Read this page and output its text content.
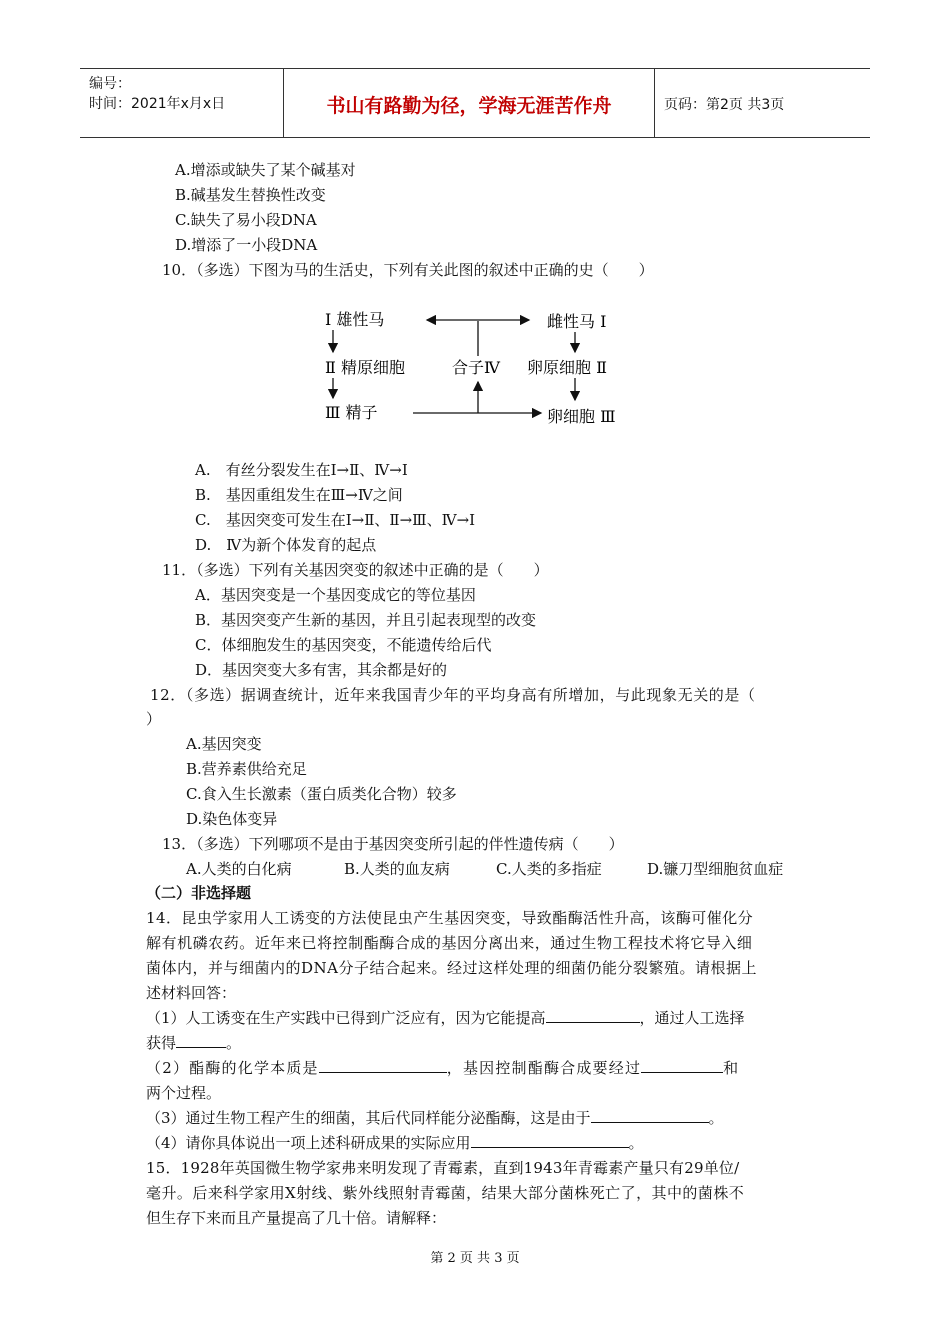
编号：
时间：2021年x月x日	书山有路勤为径，学海无涯苦作舟	页码：第2页 共3页
A.增添或缺失了某个碱基对
B.碱基发生替换性改变
C.缺失了易小段DNA
D.增添了一小段DNA
10．（多选）下图为马的生活史，下列有关此图的叙述中正确的史（　　）
Ⅰ 雄性马	雌性马 Ⅰ
Ⅱ 精原细胞	合子Ⅳ 卵原细胞 Ⅱ
Ⅲ 精子	卵细胞 Ⅲ
A.　有丝分裂发生在Ⅰ→Ⅱ、Ⅳ→Ⅰ
B.　基因重组发生在Ⅲ→Ⅳ之间
C.　基因突变可发生在Ⅰ→Ⅱ、Ⅱ→Ⅲ、Ⅳ→Ⅰ
D.　Ⅳ为新个体发育的起点
11．（多选）下列有关基因突变的叙述中正确的是（　　）
A．基因突变是一个基因变成它的等位基因
B．基因突变产生新的基因，并且引起表现型的改变
C．体细胞发生的基因突变，不能遗传给后代
D．基因突变大多有害，其余都是好的
12．（多选）据调查统计，近年来我国青少年的平均身高有所增加，与此现象无关的是（
）
A.基因突变
B.营养素供给充足
C.食入生长激素（蛋白质类化合物）较多
D.染色体变异
13．（多选）下列哪项不是由于基因突变所引起的伴性遗传病（　　）
A.人类的白化病	B.人类的血友病	C.人类的多指症	D.镰刀型细胞贫血症
（二）非选择题
14．昆虫学家用人工诱变的方法使昆虫产生基因突变，导致酯酶活性升高，该酶可催化分
解有机磷农药。近年来已将控制酯酶合成的基因分离出来，通过生物工程技术将它导入细
菌体内，并与细菌内的DNA分子结合起来。经过这样处理的细菌仍能分裂繁殖。请根据上
述材料回答：
（1）人工诱变在生产实践中已得到广泛应有，因为它能提高	，通过人工选择
获得	。
（2）酯酶的化学本质是	，基因控制酯酶合成要经过	和
两个过程。
（3）通过生物工程产生的细菌，其后代同样能分泌酯酶，这是由于	。
（4）请你具体说出一项上述科研成果的实际应用	。
15．1928年英国微生物学家弗来明发现了青霉素，直到1943年青霉素产量只有29单位/
毫升。后来科学家用X射线、紫外线照射青霉菌，结果大部分菌株死亡了，其中的菌株不
但生存下来而且产量提高了几十倍。请解释：
第 2 页 共 3 页
